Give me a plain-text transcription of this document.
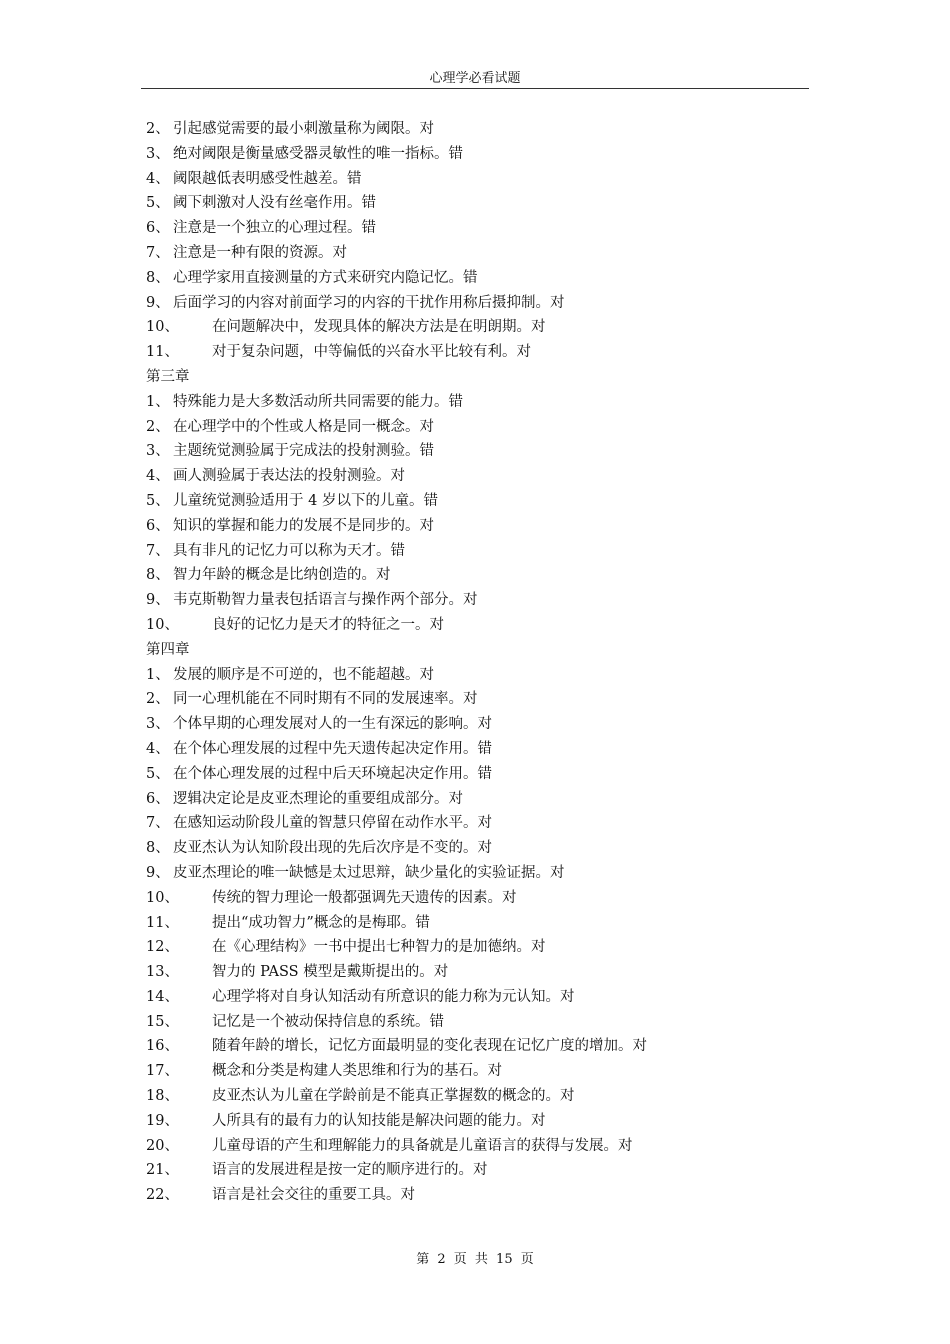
心理学必看试题
2、 引起感觉需要的最小刺激量称为阈限。对
3、 绝对阈限是衡量感受器灵敏性的唯一指标。错
4、 阈限越低表明感受性越差。错
5、 阈下刺激对人没有丝毫作用。错
6、 注意是一个独立的心理过程。错
7、 注意是一种有限的资源。对
8、 心理学家用直接测量的方式来研究内隐记忆。错
9、 后面学习的内容对前面学习的内容的干扰作用称后摄抑制。对
10、 在问题解决中，发现具体的解决方法是在明朗期。对
11、 对于复杂问题，中等偏低的兴奋水平比较有利。对
第三章
1、 特殊能力是大多数活动所共同需要的能力。错
2、 在心理学中的个性或人格是同一概念。对
3、 主题统觉测验属于完成法的投射测验。错
4、 画人测验属于表达法的投射测验。对
5、 儿童统觉测验适用于 4 岁以下的儿童。错
6、 知识的掌握和能力的发展不是同步的。对
7、 具有非凡的记忆力可以称为天才。错
8、 智力年龄的概念是比纳创造的。对
9、 韦克斯勒智力量表包括语言与操作两个部分。对
10、 良好的记忆力是天才的特征之一。对
第四章
1、 发展的顺序是不可逆的，也不能超越。对
2、 同一心理机能在不同时期有不同的发展速率。对
3、 个体早期的心理发展对人的一生有深远的影响。对
4、 在个体心理发展的过程中先天遗传起决定作用。错
5、 在个体心理发展的过程中后天环境起决定作用。错
6、 逻辑决定论是皮亚杰理论的重要组成部分。对
7、 在感知运动阶段儿童的智慧只停留在动作水平。对
8、 皮亚杰认为认知阶段出现的先后次序是不变的。对
9、 皮亚杰理论的唯一缺憾是太过思辩，缺少量化的实验证据。对
10、 传统的智力理论一般都强调先天遗传的因素。对
11、 提出“成功智力”概念的是梅耶。错
12、 在《心理结构》一书中提出七种智力的是加德纳。对
13、 智力的 PASS 模型是戴斯提出的。对
14、 心理学将对自身认知活动有所意识的能力称为元认知。对
15、 记忆是一个被动保持信息的系统。错
16、 随着年龄的增长，记忆方面最明显的变化表现在记忆广度的增加。对
17、 概念和分类是构建人类思维和行为的基石。对
18、 皮亚杰认为儿童在学龄前是不能真正掌握数的概念的。对
19、 人所具有的最有力的认知技能是解决问题的能力。对
20、 儿童母语的产生和理解能力的具备就是儿童语言的获得与发展。对
21、 语言的发展进程是按一定的顺序进行的。对
22、 语言是社会交往的重要工具。对
第 2 页 共 15 页
